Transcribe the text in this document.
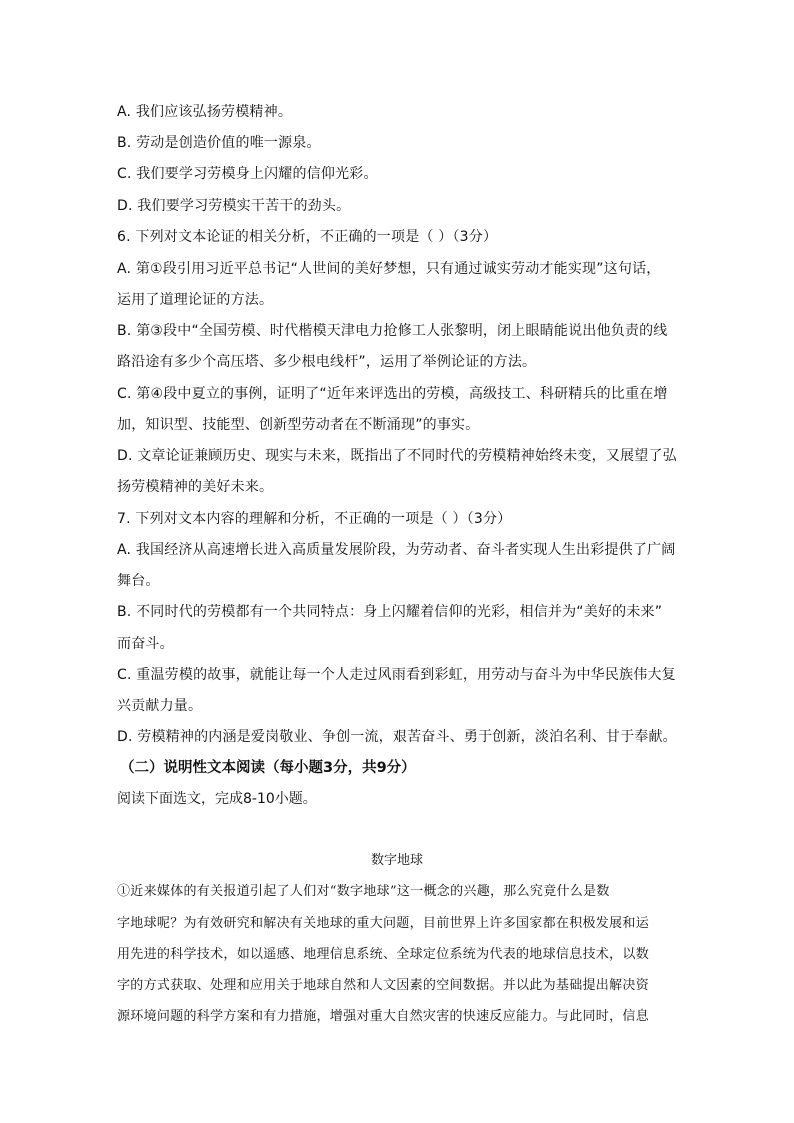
A. 我们应该弘扬劳模精神。
B. 劳动是创造价值的唯一源泉。
C. 我们要学习劳模身上闪耀的信仰光彩。
D. 我们要学习劳模实干苦干的劲头。
6. 下列对文本论证的相关分析，不正确的一项是（ ）（3分）
A. 第①段引用习近平总书记“人世间的美好梦想，只有通过诚实劳动才能实现”这句话，
运用了道理论证的方法。
B. 第③段中“全国劳模、时代楷模天津电力抢修工人张黎明，闭上眼睛能说出他负责的线
路沿途有多少个高压塔、多少根电线杆”，运用了举例论证的方法。
C. 第④段中夏立的事例，证明了“近年来评选出的劳模，高级技工、科研精兵的比重在增
加，知识型、技能型、创新型劳动者在不断涌现”的事实。
D. 文章论证兼顾历史、现实与未来，既指出了不同时代的劳模精神始终未变，又展望了弘
扬劳模精神的美好未来。
7. 下列对文本内容的理解和分析，不正确的一项是（ ）（3分）
A. 我国经济从高速增长进入高质量发展阶段，为劳动者、奋斗者实现人生出彩提供了广阔
舞台。
B. 不同时代的劳模都有一个共同特点：身上闪耀着信仰的光彩，相信并为“美好的未来”
而奋斗。
C. 重温劳模的故事，就能让每一个人走过风雨看到彩虹，用劳动与奋斗为中华民族伟大复
兴贡献力量。
D. 劳模精神的内涵是爱岗敬业、争创一流，艰苦奋斗、勇于创新，淡泊名利、甘于奉献。
（二）说明性文本阅读（每小题3分，共9分）
阅读下面选文，完成8-10小题。
数字地球
①近来媒体的有关报道引起了人们对“数字地球”这一概念的兴趣，那么究竟什么是数
字地球呢？为有效研究和解决有关地球的重大问题，目前世界上许多国家都在积极发展和运
用先进的科学技术，如以遥感、地理信息系统、全球定位系统为代表的地球信息技术，以数
字的方式获取、处理和应用关于地球自然和人文因素的空间数据。并以此为基础提出解决资
源环境问题的科学方案和有力措施，增强对重大自然灾害的快速反应能力。与此同时，信息
